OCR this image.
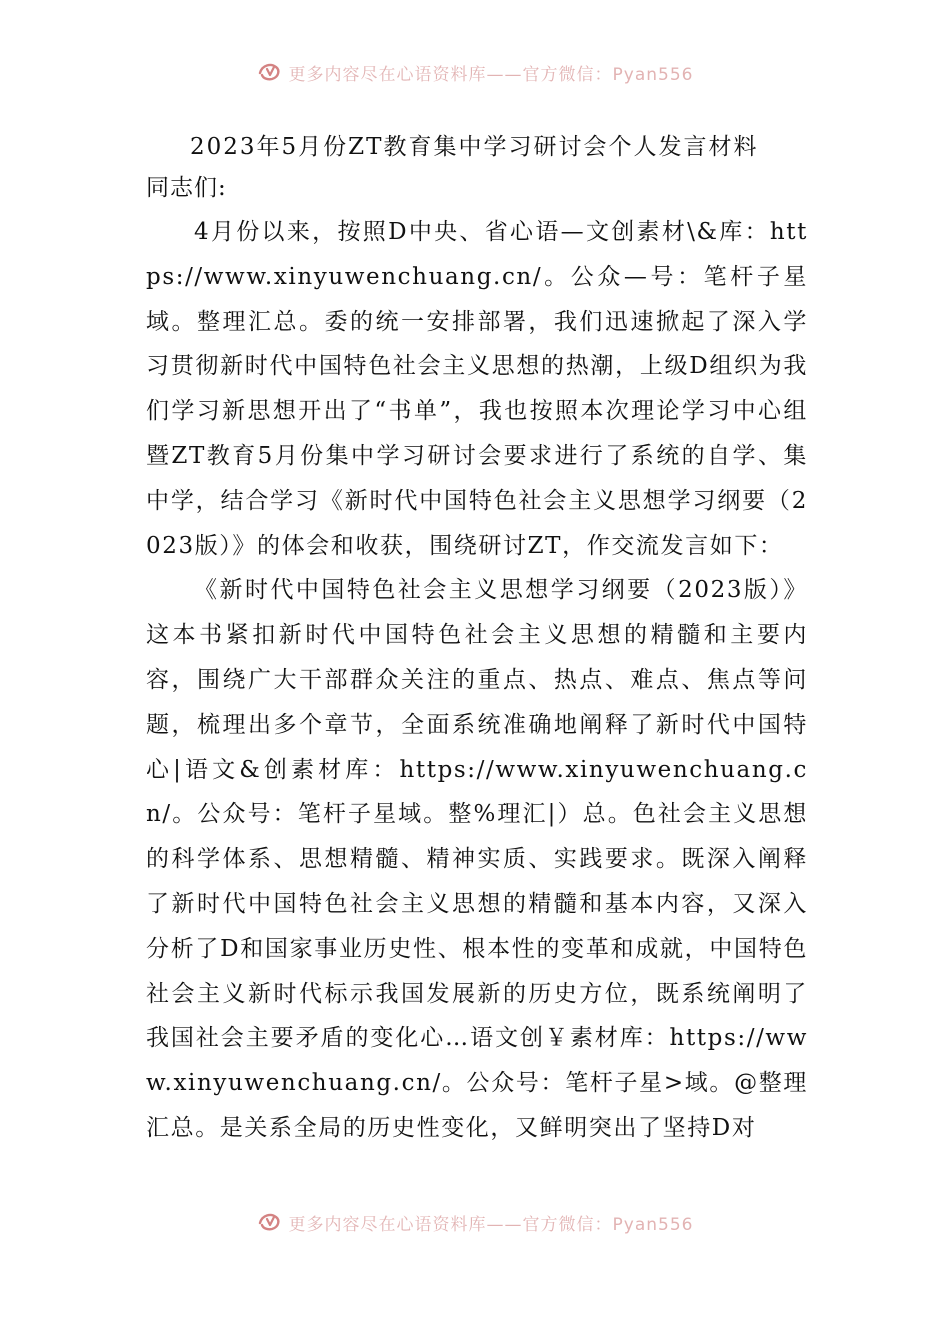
更多内容尽在心语资料库——官方微信：Pyan556
2023年5月份ZT教育集中学习研讨会个人发言材料

同志们:

4月份以来，按照D中央、省心语—文创素材\&库：https://www.xinyuwenchuang.cn/。公众—号：笔杆子星域。整理汇总。委的统一安排部署，我们迅速掀起了深入学习贯彻新时代中国特色社会主义思想的热潮，上级D组织为我们学习新思想开出了“书单”，我也按照本次理论学习中心组暨ZT教育5月份集中学习研讨会要求进行了系统的自学、集中学，结合学习《新时代中国特色社会主义思想学习纲要（2023版）》的体会和收获，围绕研讨ZT，作交流发言如下：

《新时代中国特色社会主义思想学习纲要（2023版）》这本书紧扣新时代中国特色社会主义思想的精髓和主要内容，围绕广大干部群众关注的重点、热点、难点、焦点等问题，梳理出多个章节，全面系统准确地阐释了新时代中国特心|语文&创素材库：https://www.xinyuwenchuang.cn/。公众号：笔杆子星域。整%理汇|）总。色社会主义思想的科学体系、思想精髓、精神实质、实践要求。既深入阐释了新时代中国特色社会主义思想的精髓和基本内容，又深入分析了D和国家事业历史性、根本性的变革和成就，中国特色社会主义新时代标示我国发展新的历史方位，既系统阐明了我国社会主要矛盾的变化心…语文创￥素材库：https://www.xinyuwenchuang.cn/。公众号：笔杆子星>域。@整理汇总。是关系全局的历史性变化，又鲜明突出了坚持D对

更多内容尽在心语资料库——官方微信：Pyan556
